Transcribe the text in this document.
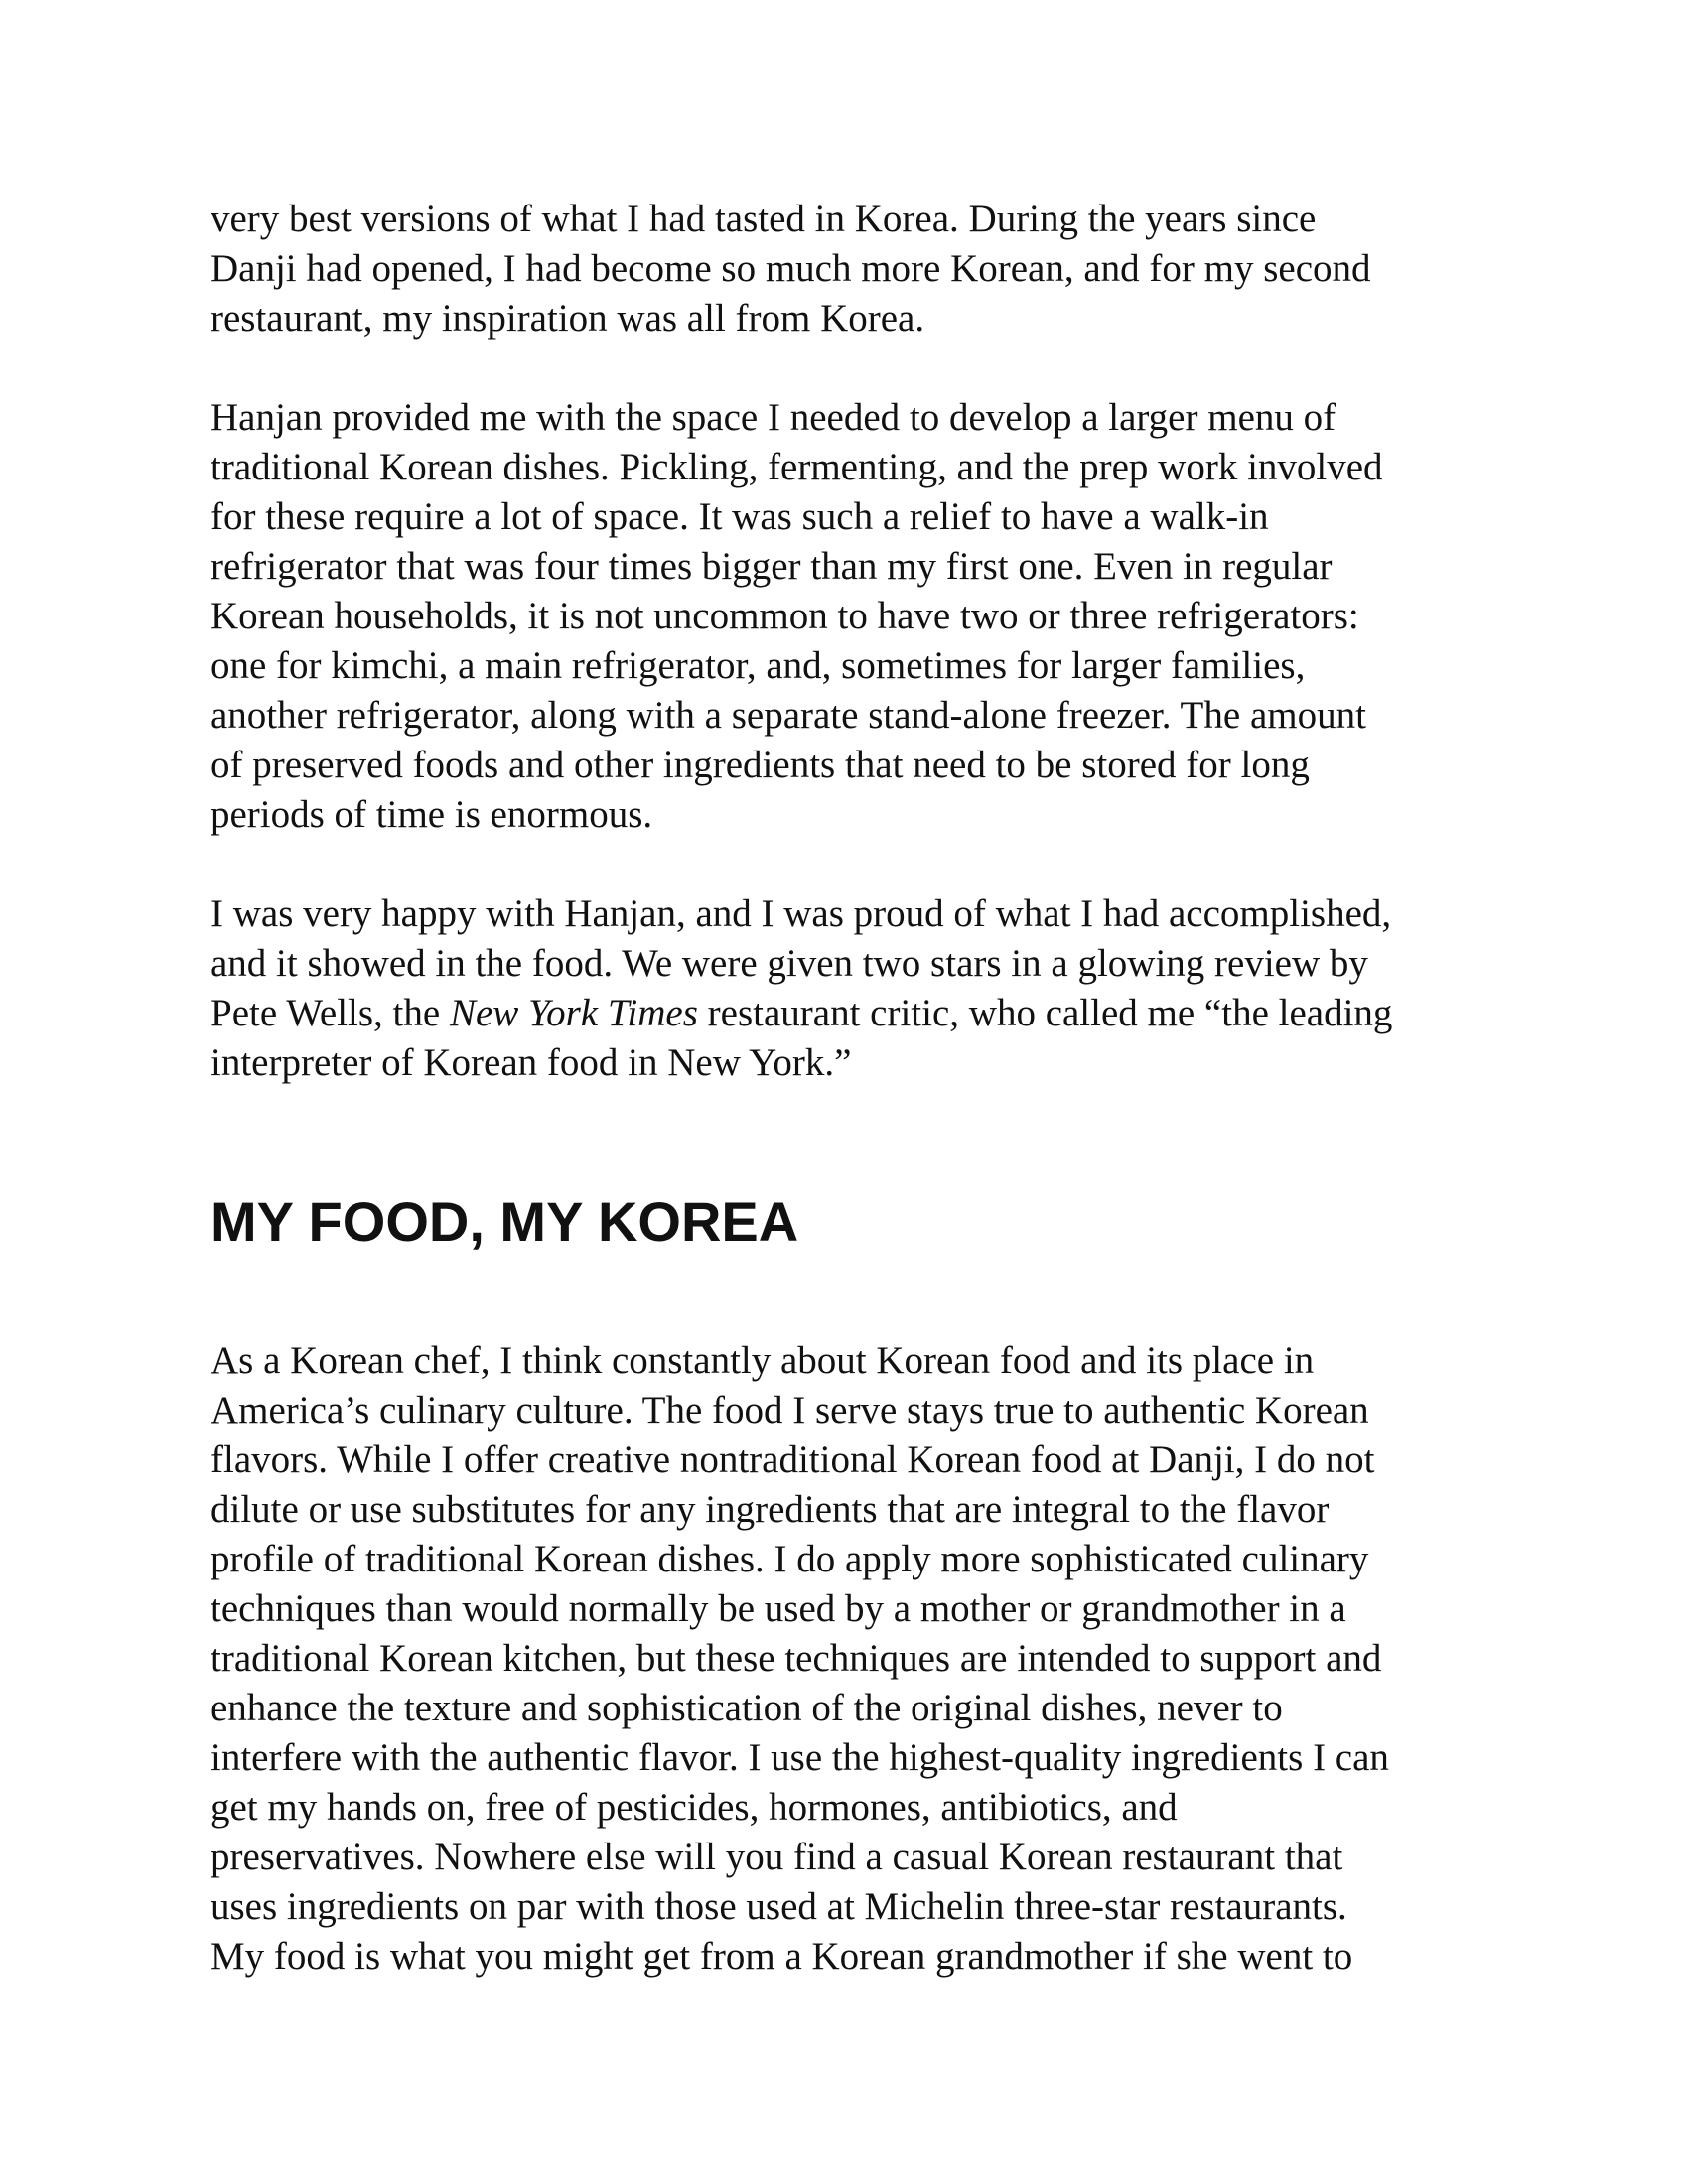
very best versions of what I had tasted in Korea. During the years since
Danji had opened, I had become so much more Korean, and for my second
restaurant, my inspiration was all from Korea.

Hanjan provided me with the space I needed to develop a larger menu of
traditional Korean dishes. Pickling, fermenting, and the prep work involved
for these require a lot of space. It was such a relief to have a walk-in
refrigerator that was four times bigger than my first one. Even in regular
Korean households, it is not uncommon to have two or three refrigerators:
one for kimchi, a main refrigerator, and, sometimes for larger families,
another refrigerator, along with a separate stand-alone freezer. The amount
of preserved foods and other ingredients that need to be stored for long
periods of time is enormous.

I was very happy with Hanjan, and I was proud of what I had accomplished,
and it showed in the food. We were given two stars in a glowing review by
Pete Wells, the New York Times restaurant critic, who called me “the leading
interpreter of Korean food in New York.”

MY FOOD, MY KOREA

As a Korean chef, I think constantly about Korean food and its place in
America’s culinary culture. The food I serve stays true to authentic Korean
flavors. While I offer creative nontraditional Korean food at Danji, I do not
dilute or use substitutes for any ingredients that are integral to the flavor
profile of traditional Korean dishes. I do apply more sophisticated culinary
techniques than would normally be used by a mother or grandmother in a
traditional Korean kitchen, but these techniques are intended to support and
enhance the texture and sophistication of the original dishes, never to
interfere with the authentic flavor. I use the highest-quality ingredients I can
get my hands on, free of pesticides, hormones, antibiotics, and
preservatives. Nowhere else will you find a casual Korean restaurant that
uses ingredients on par with those used at Michelin three-star restaurants.
My food is what you might get from a Korean grandmother if she went to
